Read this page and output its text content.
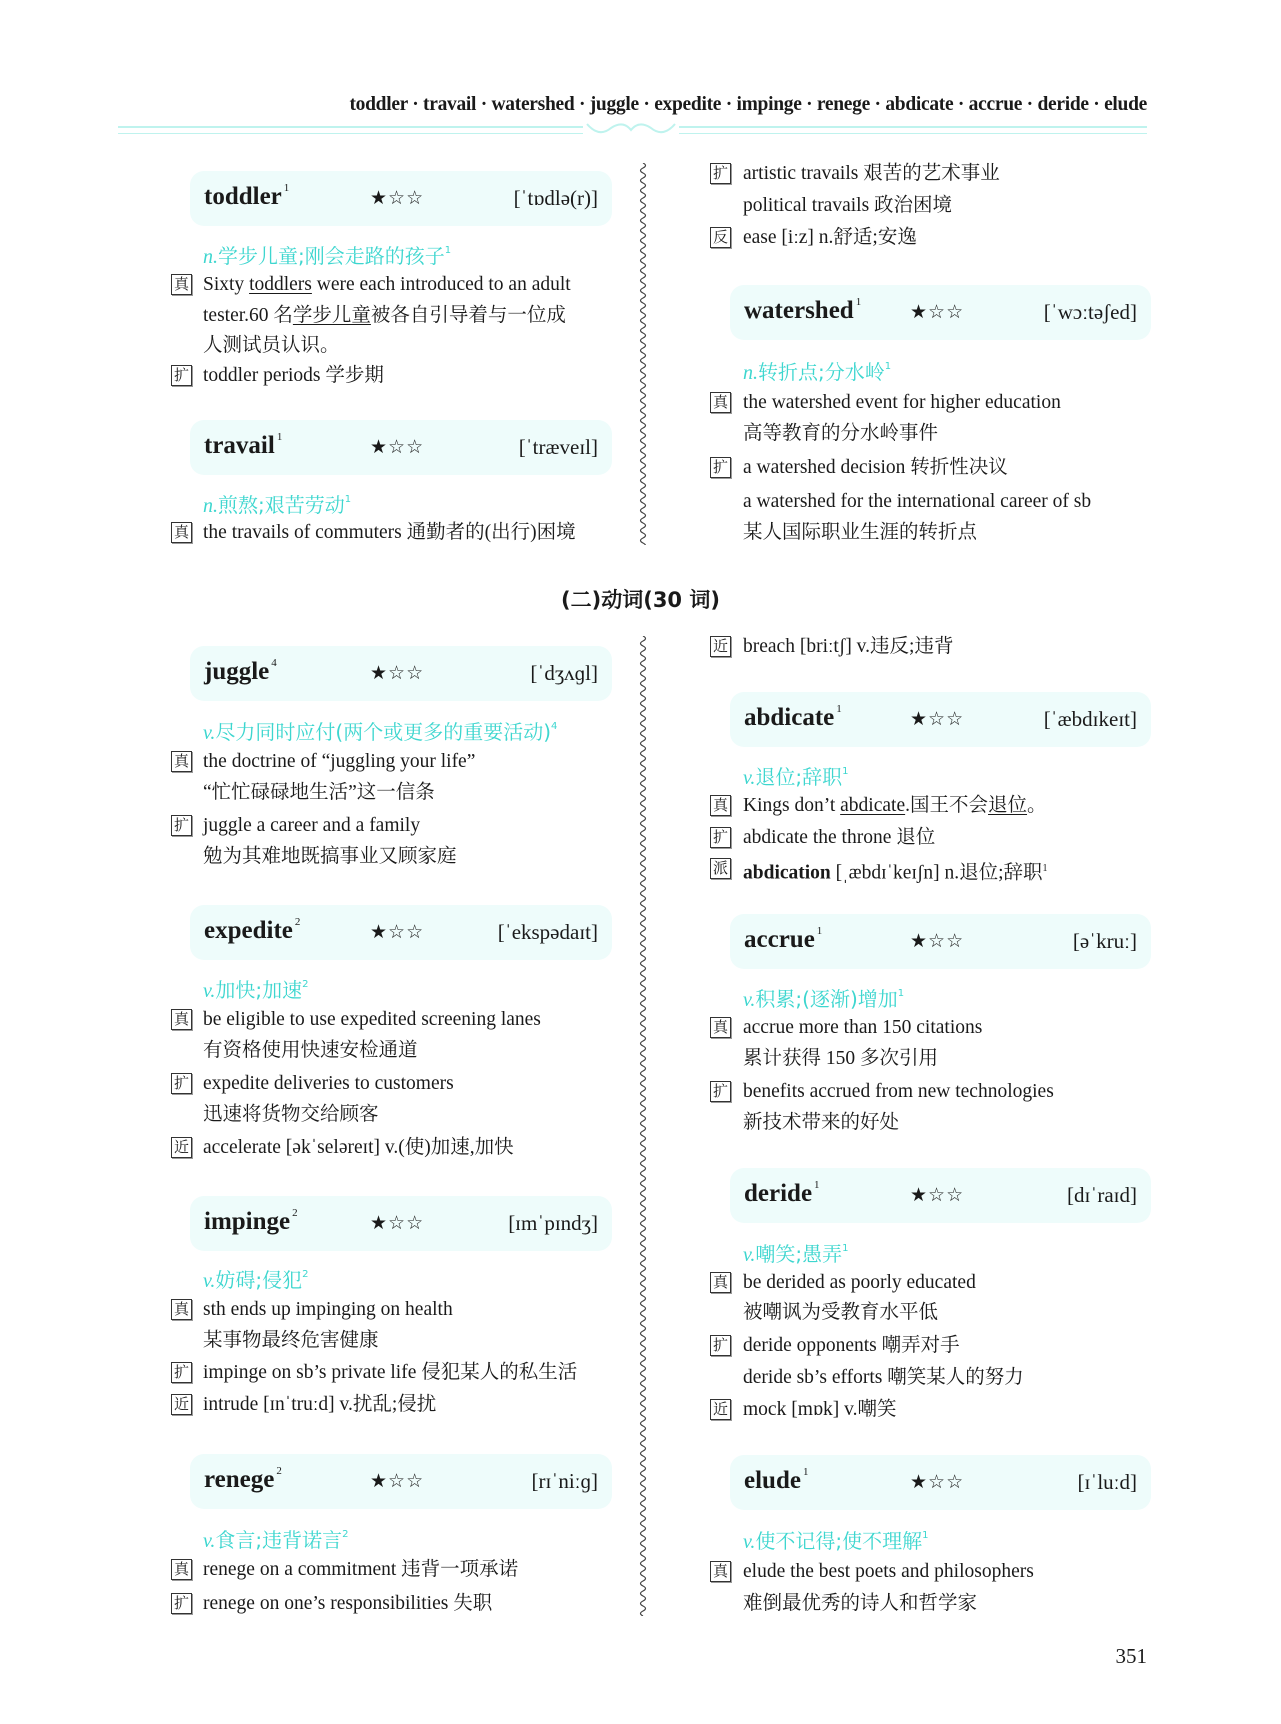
toddler · travail · watershed · juggle · expedite · impinge · renege · abdicate · accrue · deride · elude
(二)动词(30 词)
351
toddler $^1$	★☆☆	[ˈtɒdlə(r)]
n.学步儿童;刚会走路的孩子$^1$
travail $^1$	★☆☆	[ˈtræveɪl]
n.煎熬;艰苦劳动$^1$
watershed $^1$	★☆☆	[ˈwɔːtəʃed]
n.转折点;分水岭$^1$
juggle $^4$	★☆☆	[ˈdʒʌɡl]
v.尽力同时应付(两个或更多的重要活动)$^4$
expedite $^2$	★☆☆	[ˈekspədaɪt]
v.加快;加速$^2$
impinge $^2$	★☆☆	[ɪmˈpɪndʒ]
v.妨碍;侵犯$^2$
renege $^2$	★☆☆	[rɪˈniːɡ]
v.食言;违背诺言$^2$
abdicate $^1$	★☆☆	[ˈæbdɪkeɪt]
v.退位;辞职$^1$
accrue $^1$	★☆☆	[əˈkruː]
v.积累;(逐渐)增加$^1$
deride $^1$	★☆☆	[dɪˈraɪd]
v.嘲笑;愚弄$^1$
elude $^1$	★☆☆	[ɪˈluːd]
v.使不记得;使不理解$^1$
真 Sixty toddlers were each introduced to an adult
tester.60 名学步儿童被各自引导着与一位成
人测试员认识。
扩 toddler periods 学步期
真 the travails of commuters 通勤者的(出行)困境
扩 artistic travails 艰苦的艺术事业
political travails 政治困境
反 ease [iːz] n.舒适;安逸
真 the watershed event for higher education
高等教育的分水岭事件
扩 a watershed decision 转折性决议
a watershed for the international career of sb
某人国际职业生涯的转折点
真 the doctrine of “juggling your life”
“忙忙碌碌地生活”这一信条
扩 juggle a career and a family
勉为其难地既搞事业又顾家庭
真 be eligible to use expedited screening lanes
有资格使用快速安检通道
扩 expedite deliveries to customers
迅速将货物交给顾客
近 accelerate [əkˈseləreɪt] v.(使)加速,加快
真 sth ends up impinging on health
某事物最终危害健康
扩 impinge on sb’s private life 侵犯某人的私生活
近 intrude [ɪnˈtruːd] v.扰乱;侵扰
真 renege on a commitment 违背一项承诺
扩 renege on one’s responsibilities 失职
近 breach [briːtʃ] v.违反;违背
真 Kings don’t abdicate.国王不会退位。
扩 abdicate the throne 退位
派 abdication [ˌæbdɪˈkeɪʃn] n.退位;辞职$^1$
真 accrue more than 150 citations
累计获得 150 多次引用
扩 benefits accrued from new technologies
新技术带来的好处
真 be derided as poorly educated
被嘲讽为受教育水平低
扩 deride opponents 嘲弄对手
deride sb’s efforts 嘲笑某人的努力
近 mock [mɒk] v.嘲笑
真 elude the best poets and philosophers
难倒最优秀的诗人和哲学家
